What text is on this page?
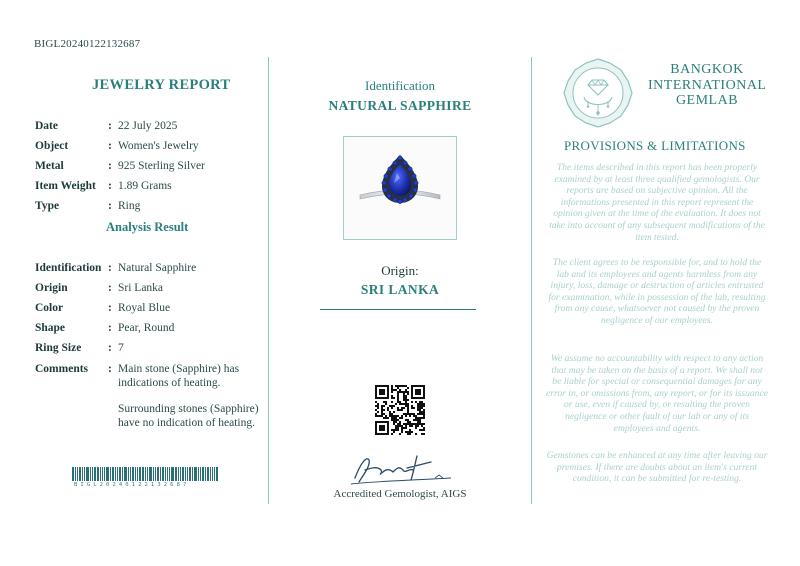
BIGL20240122132687
JEWELRY REPORT
Date	: 22 July 2025
Object	: Women's Jewelry
Metal	: 925 Sterling Silver
Item Weight : 1.89 Grams
Type	: Ring
Analysis Result
Identification : Natural Sapphire
Origin	: Sri Lanka
Color	: Royal Blue
Shape	: Pear, Round
Ring Size : 7
Comments : Main stone (Sapphire) has indications of heating.

Surrounding stones (Sapphire) have no indication of heating.

BIGL20240122132687
Identification
NATURAL SAPPHIRE
Origin:
SRI LANKA
Accredited Gemologist, AIGS
BANGKOK
INTERNATIONAL
GEMLAB
PROVISIONS & LIMITATIONS
The items described in this report has been properly examined by at least three qualified gemologists. Our reports are based on subjective opinion. All the informations presented in this report represent the opinion given at the time of the evaluation. It does not take into account of any subsequent modifications of the item tested.
The client agrees to be responsible for, and to hold the lab and its employees and agents harmless from any injury, loss, damage or destruction of articles entrusted for examination, while in possession of the lab, resulting from any cause, whatsoever not caused by the proven negligence of our employees.
We assume no accountability with respect to any action that may be taken on the basis of a report. We shall not be liable for special or consequential damages for any error in, or omissions from, any report, or for its issuance or use, even if caused by, or resulting the proven negligence or other fault of our lab or any of its employees and agents.
Gemstones can be enhanced at any time after leaving our premises. If there are doubts about an item's current condition, it can be submitted for re-testing.
